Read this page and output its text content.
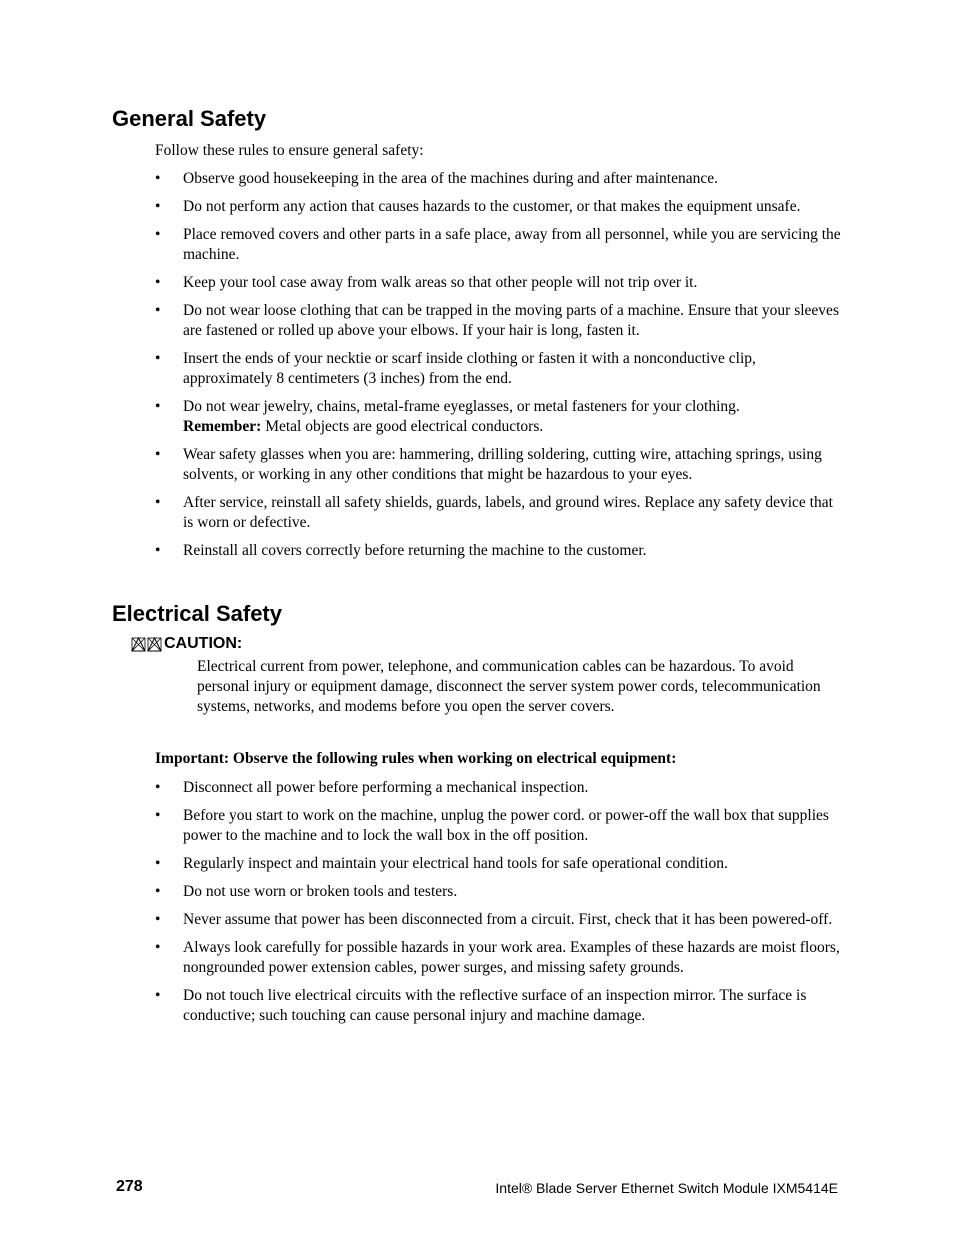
General Safety

Follow these rules to ensure general safety:

• Observe good housekeeping in the area of the machines during and after maintenance.
• Do not perform any action that causes hazards to the customer, or that makes the equipment unsafe.
• Place removed covers and other parts in a safe place, away from all personnel, while you are servicing the machine.
• Keep your tool case away from walk areas so that other people will not trip over it.
• Do not wear loose clothing that can be trapped in the moving parts of a machine. Ensure that your sleeves are fastened or rolled up above your elbows. If your hair is long, fasten it.
• Insert the ends of your necktie or scarf inside clothing or fasten it with a nonconductive clip, approximately 8 centimeters (3 inches) from the end.
• Do not wear jewelry, chains, metal-frame eyeglasses, or metal fasteners for your clothing.
Remember: Metal objects are good electrical conductors.
• Wear safety glasses when you are: hammering, drilling soldering, cutting wire, attaching springs, using solvents, or working in any other conditions that might be hazardous to your eyes.
• After service, reinstall all safety shields, guards, labels, and ground wires. Replace any safety device that is worn or defective.
• Reinstall all covers correctly before returning the machine to the customer.
Electrical Safety
CAUTION:

Electrical current from power, telephone, and communication cables can be hazardous. To avoid personal injury or equipment damage, disconnect the server system power cords, telecommunication systems, networks, and modems before you open the server covers.

Important: Observe the following rules when working on electrical equipment:

• Disconnect all power before performing a mechanical inspection.
• Before you start to work on the machine, unplug the power cord. or power-off the wall box that supplies power to the machine and to lock the wall box in the off position.
• Regularly inspect and maintain your electrical hand tools for safe operational condition.
• Do not use worn or broken tools and testers.
• Never assume that power has been disconnected from a circuit. First, check that it has been powered-off.
• Always look carefully for possible hazards in your work area. Examples of these hazards are moist floors, nongrounded power extension cables, power surges, and missing safety grounds.
• Do not touch live electrical circuits with the reflective surface of an inspection mirror. The surface is conductive; such touching can cause personal injury and machine damage.
278	Intel® Blade Server Ethernet Switch Module IXM5414E
